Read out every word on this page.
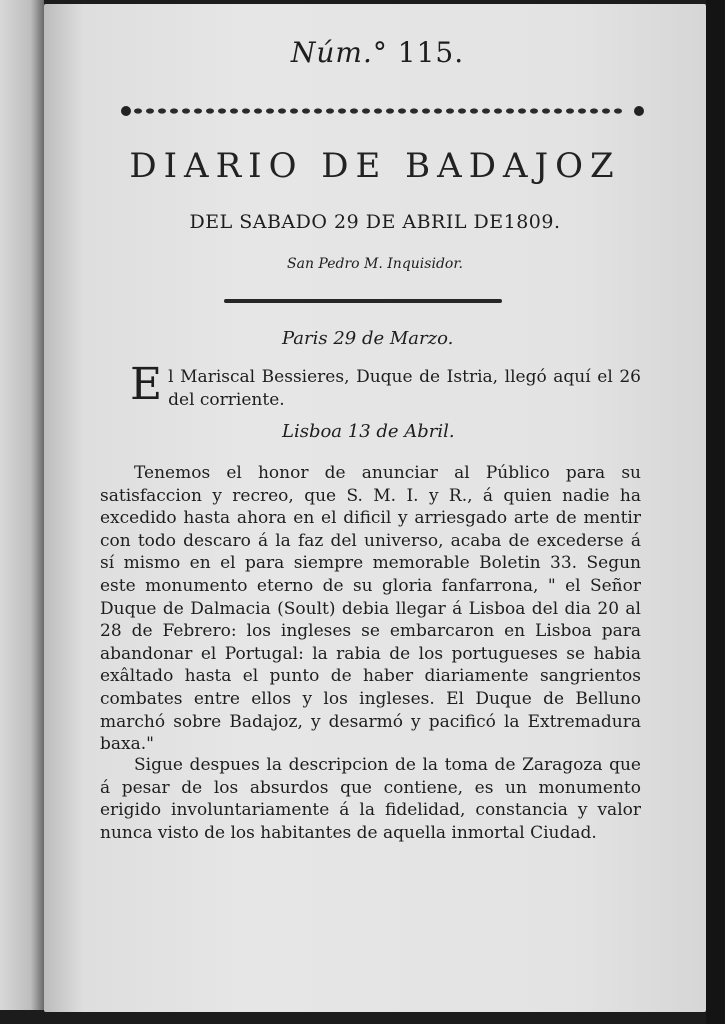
Núm.° 115.
DIARIO DE BADAJOZ
DEL SABADO 29 DE ABRIL DE1809.
San Pedro M. Inquisidor.
Paris 29 de Marzo.

El Mariscal Bessieres, Duque de Istria, llegó aquí el 26 del corriente.

Lisboa 13 de Abril.

Tenemos el honor de anunciar al Público para su satisfaccion y recreo, que S. M. I. y R., á quien nadie ha excedido hasta ahora en el dificil y arriesgado arte de mentir con todo descaro á la faz del universo, acaba de excederse á sí mismo en el para siempre memorable Boletin 33. Segun este monumento eterno de su gloria fanfarrona, " el Señor Duque de Dalmacia (Soult) debia llegar á Lisboa del dia 20 al 28 de Febrero: los ingleses se embarcaron en Lisboa para abandonar el Portugal: la rabia de los portugueses se habia exâltado hasta el punto de haber diariamente sangrientos combates entre ellos y los ingleses. El Duque de Belluno marchó sobre Badajoz, y desarmó y pacificó la Extremadura baxa."

Sigue despues la descripcion de la toma de Zaragoza que á pesar de los absurdos que contiene, es un monumento erigido involuntariamente á la fidelidad, constancia y valor nunca visto de los habitantes de aquella inmortal Ciudad.
